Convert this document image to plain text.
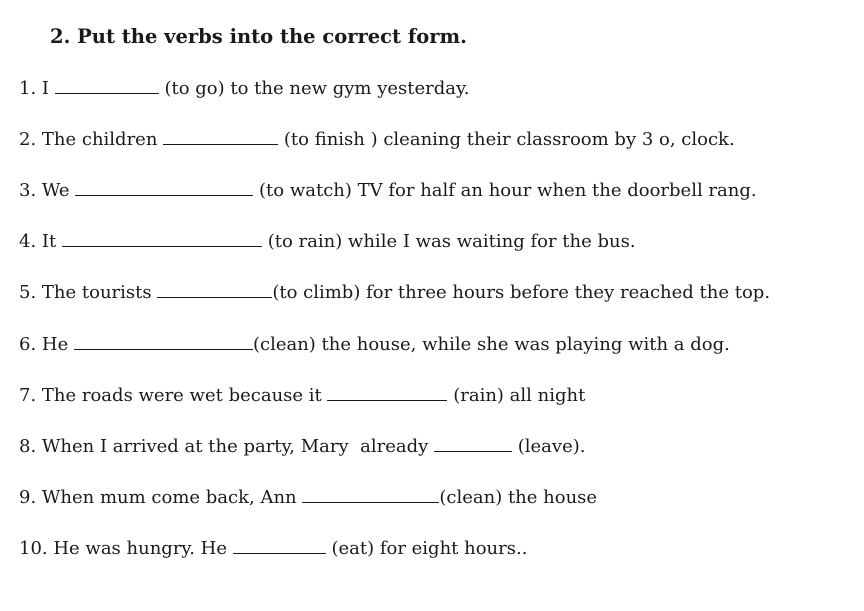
2. Put the verbs into the correct form.
1. I	(to go) to the new gym yesterday.
2. The children	(to finish ) cleaning their classroom by 3 o, clock.
3. We	(to watch) TV for half an hour when the doorbell rang.
4. It	(to rain) while I was waiting for the bus.
5. The tourists	(to climb) for three hours before they reached the top.
6. He	(clean) the house, while she was playing with a dog.
7. The roads were wet because it	(rain) all night
8. When I arrived at the party, Mary  already	(leave).
9. When mum come back, Ann	(clean) the house
10. He was hungry. He	(eat) for eight hours..
